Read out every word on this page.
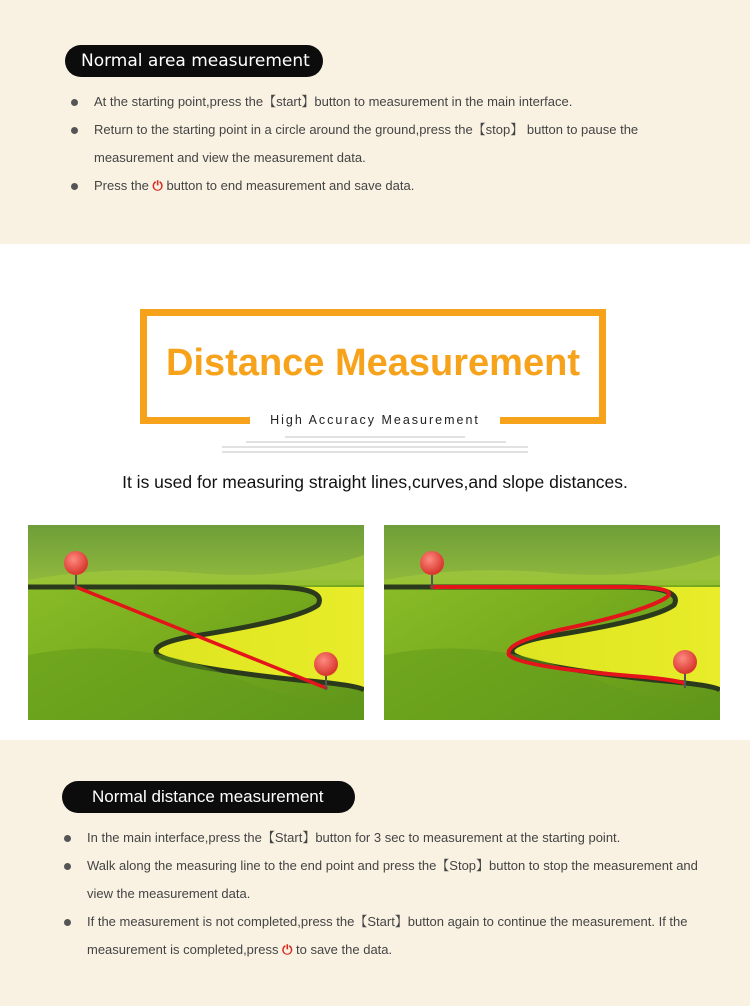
Normal area measurement
At the starting point,press the【start】button to measurement in the main interface.
Return to the starting point in a circle around the ground,press the【stop】 button to pause the measurement and view the measurement data.
Press the ⏻ button to end measurement and save data.
Distance Measurement
High Accuracy Measurement
It is used for measuring straight lines,curves,and slope distances.
Normal distance measurement
In the main interface,press the【Start】button for 3 sec to measurement at the starting point.
Walk along the measuring line to the end point and press the【Stop】button to stop the measurement and view the measurement data.
If the measurement is not completed,press the【Start】button again to continue the measurement. If the measurement is completed,press ⏻ to save the data.
